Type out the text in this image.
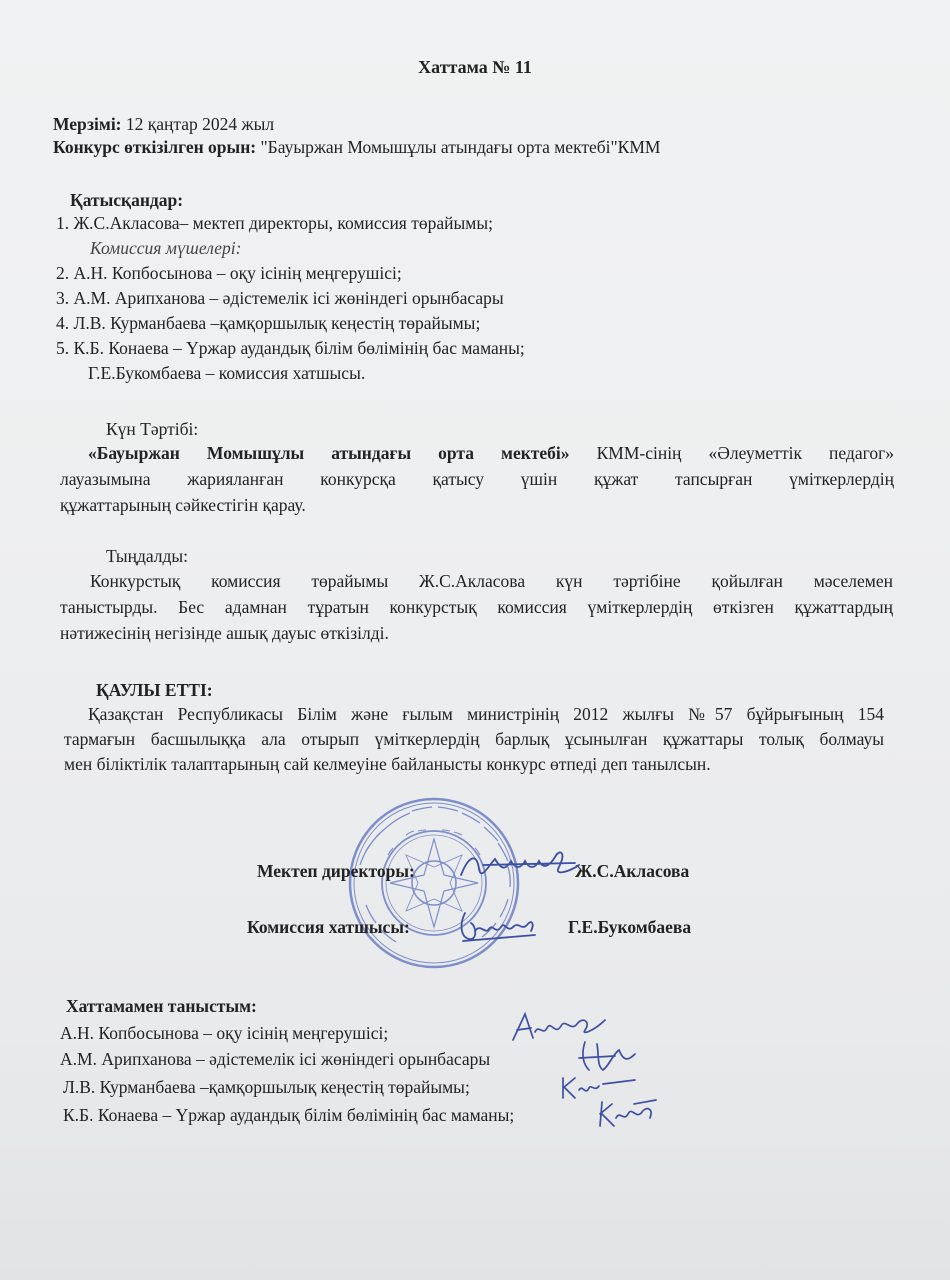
Хаттама № 11
Мерзімі: 12 қаңтар 2024 жыл
Конкурс өткізілген орын: "Бауыржан Момышұлы атындағы орта мектебі"КММ
Қатысқандар:
1. Ж.С.Акласова– мектеп директоры, комиссия төрайымы;
Комиссия мүшелері:
2. А.Н. Копбосынова – оқу ісінің меңгерушісі;
3. А.М. Арипханова – әдістемелік ісі жөніндегі орынбасары
4. Л.В. Курманбаева –қамқоршылық кеңестің төрайымы;
5. К.Б. Конаева – Үржар аудандық білім бөлімінің бас маманы;
Г.Е.Букомбаева – комиссия хатшысы.
Күн Тәртібі:
«Бауыржан Момышұлы атындағы орта мектебі» КММ-сінің «Әлеуметтік педагог»
лауазымына жарияланған конкурсқа қатысу үшін құжат тапсырған үміткерлердің
құжаттарының сәйкестігін қарау.
Тыңдалды:
Конкурстық комиссия төрайымы Ж.С.Акласова күн тәртібіне қойылған мәселемен
таныстырды. Бес адамнан тұратын конкурстық комиссия үміткерлердің өткізген құжаттардың
нәтижесінің негізінде ашық дауыс өткізілді.
ҚАУЛЫ ЕТТІ:
Қазақстан Республикасы Білім және ғылым министрінің 2012 жылғы №57 бұйрығының 154
тармағын басшылыққа ала отырып үміткерлердің барлық ұсынылған құжаттары толық болмауы
мен біліктілік талаптарының сай келмеуіне байланысты конкурс өтпеді деп танылсын.
Мектеп директоры:	Ж.С.Акласова
Комиссия хатшысы:	Г.Е.Букомбаева
Хаттамамен таныстым:
А.Н. Копбосынова – оқу ісінің меңгерушісі;
А.М. Арипханова – әдістемелік ісі жөніндегі орынбасары
Л.В. Курманбаева –қамқоршылық кеңестің төрайымы;
К.Б. Конаева – Үржар аудандық білім бөлімінің бас маманы;
